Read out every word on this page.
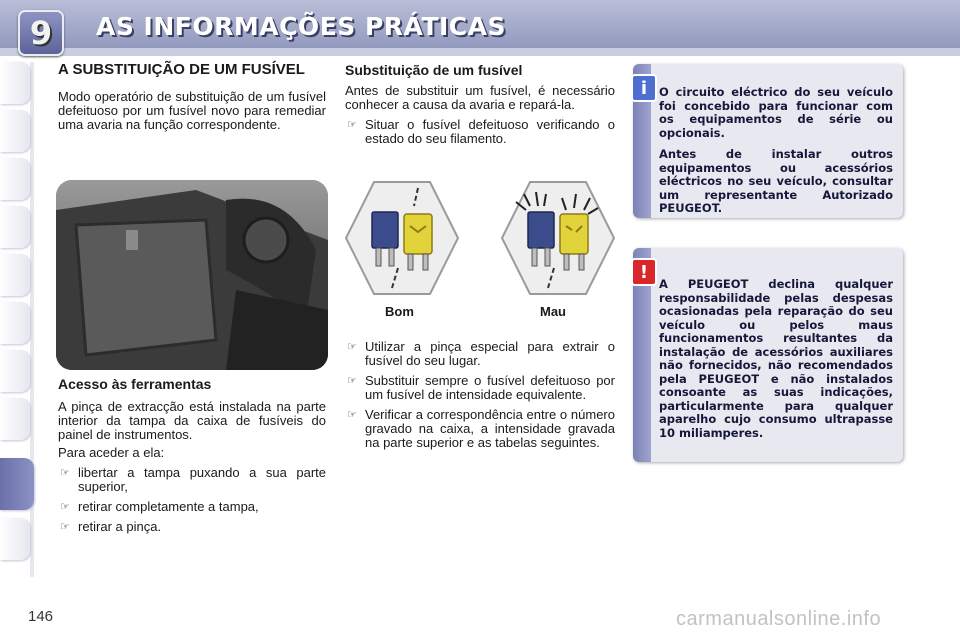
9 AS INFORMAÇÕES PRÁTICAS

A SUBSTITUIÇÃO DE UM FUSÍVEL

Modo operatório de substituição de um fusível defeituoso por um fusível novo para remediar uma avaria na função correspondente.

Acesso às ferramentas

A pinça de extracção está instalada na parte interior da tampa da caixa de fusíveis do painel de instrumentos.

Para aceder a ela:

☞ libertar a tampa puxando a sua parte superior,
☞ retirar completamente a tampa,
☞ retirar a pinça.

Substituição de um fusível

Antes de substituir um fusível, é necessário conhecer a causa da avaria e repará-la.

☞ Situar o fusível defeituoso verificando o estado do seu filamento.
Bom	Mau
☞ Utilizar a pinça especial para extrair o fusível do seu lugar.
☞ Substituir sempre o fusível defeituoso por um fusível de intensidade equivalente.
☞ Verificar a correspondência entre o número gravado na caixa, a intensidade gravada na parte superior e as tabelas seguintes.
i	O circuito eléctrico do seu veículo foi concebido para funcionar com os equipamentos de série ou opcionais.

Antes de instalar outros equipamentos ou acessórios eléctricos no seu veículo, consultar um representante Autorizado PEUGEOT.

!

A PEUGEOT declina qualquer responsabilidade pelas despesas ocasionadas pela reparação do seu veículo ou pelos maus funcionamentos resultantes da instalação de acessórios auxiliares não fornecidos, não recomendados pela PEUGEOT e não instalados consoante as suas indicações, particularmente para qualquer aparelho cujo consumo ultrapasse 10 miliamperes.

146	carmanualsonline.info
